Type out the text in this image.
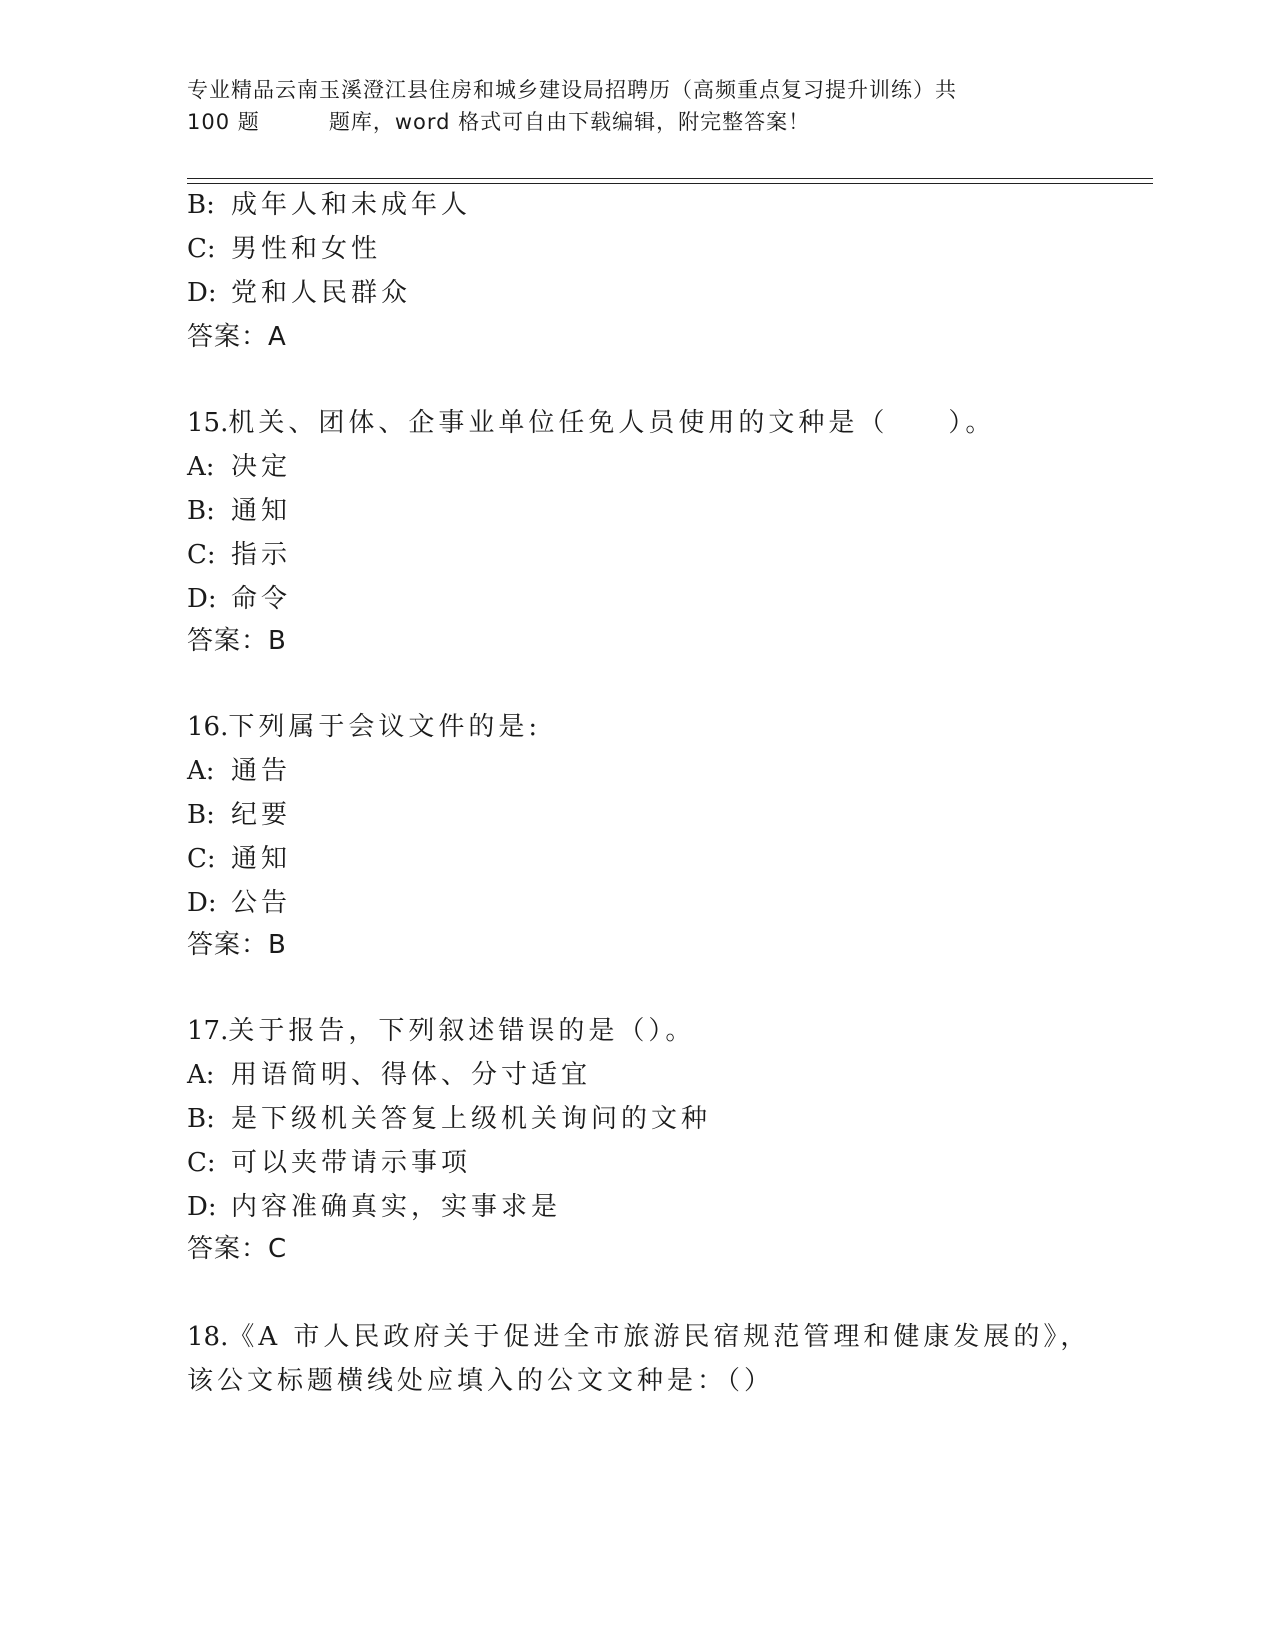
专业精品云南玉溪澄江县住房和城乡建设局招聘历（高频重点复习提升训练）共
100 题         题库，word 格式可自由下载编辑，附完整答案！
B: 成年人和未成年人
C: 男性和女性
D: 党和人民群众
答案：A
15.机关、团体、企事业单位任免人员使用的文种是（　　）。
A: 决定
B: 通知
C: 指示
D: 命令
答案：B
16.下列属于会议文件的是:
A: 通告
B: 纪要
C: 通知
D: 公告
答案：B
17.关于报告，下列叙述错误的是（）。
A: 用语简明、得体、分寸适宜
B: 是下级机关答复上级机关询问的文种
C: 可以夹带请示事项
D: 内容准确真实，实事求是
答案：C
18.《A 市人民政府关于促进全市旅游民宿规范管理和健康发展的》，
该公文标题横线处应填入的公文文种是：（）
